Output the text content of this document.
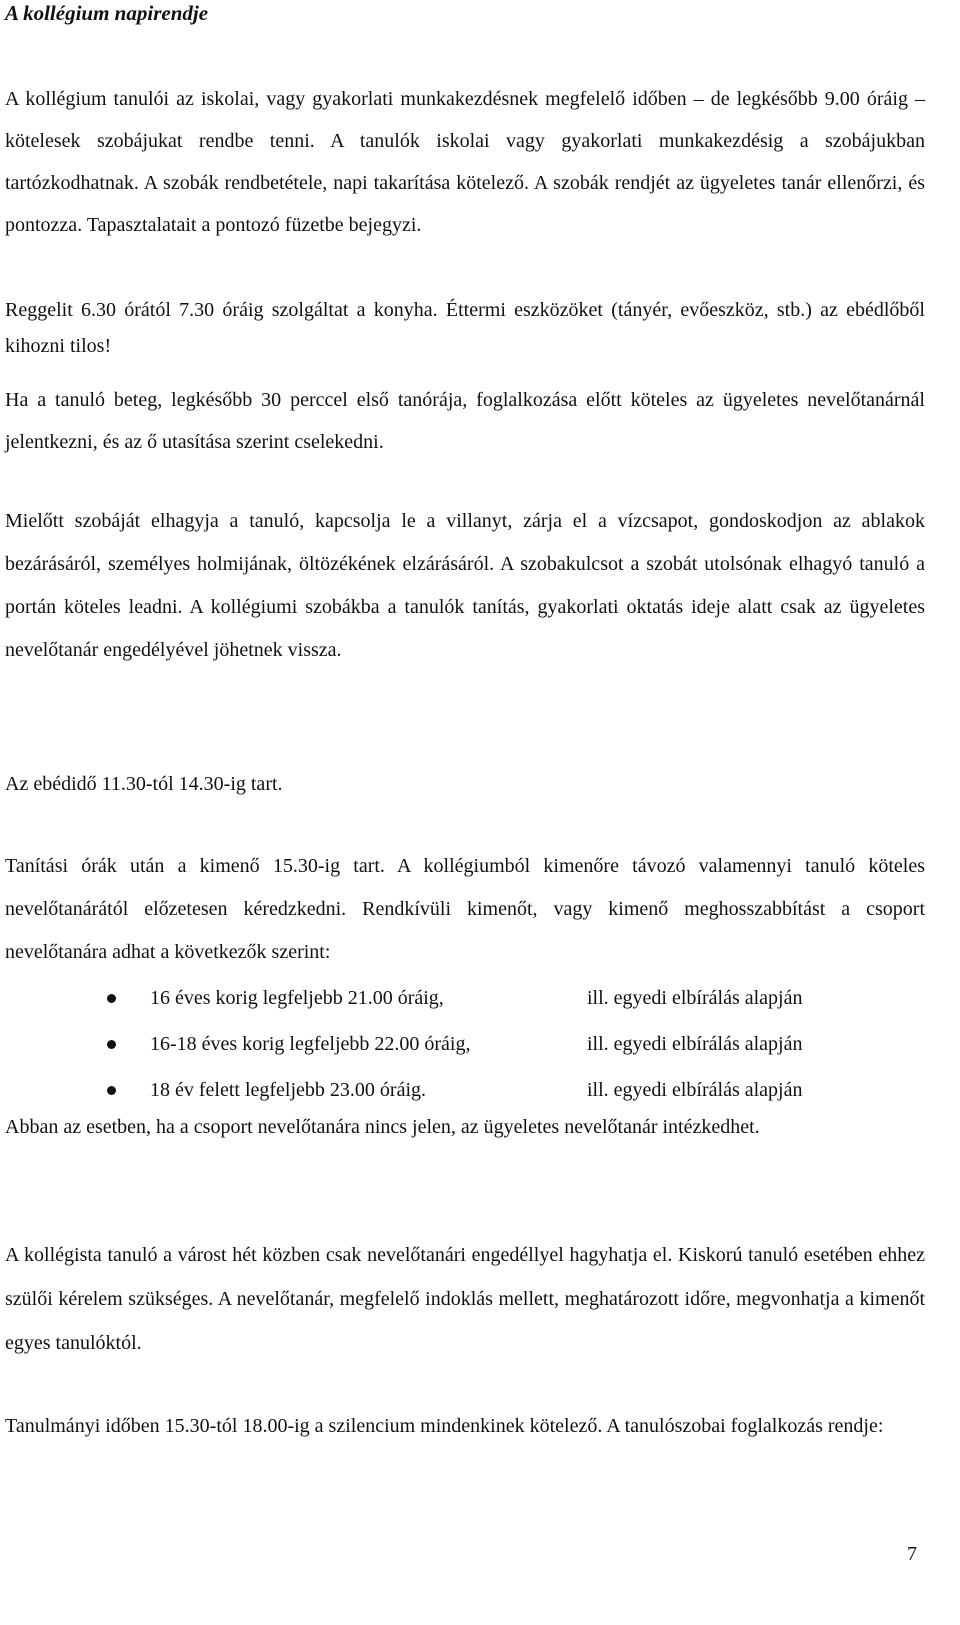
A kollégium napirendje

A kollégium tanulói az iskolai, vagy gyakorlati munkakezdésnek megfelelő időben – de legkésőbb 9.00 óráig – kötelesek szobájukat rendbe tenni. A tanulók iskolai vagy gyakorlati munkakezdésig a szobájukban tartózkodhatnak. A szobák rendbetétele, napi takarítása kötelező. A szobák rendjét az ügyeletes tanár ellenőrzi, és pontozza. Tapasztalatait a pontozó füzetbe bejegyzi.

Reggelit 6.30 órától 7.30 óráig szolgáltat a konyha. Éttermi eszközöket (tányér, evőeszköz, stb.) az ebédlőből kihozni tilos!

Ha a tanuló beteg, legkésőbb 30 perccel első tanórája, foglalkozása előtt köteles az ügyeletes nevelőtanárnál jelentkezni, és az ő utasítása szerint cselekedni.

Mielőtt szobáját elhagyja a tanuló, kapcsolja le a villanyt, zárja el a vízcsapot, gondoskodjon az ablakok bezárásáról, személyes holmijának, öltözékének elzárásáról. A szobakulcsot a szobát utolsónak elhagyó tanuló a portán köteles leadni. A kollégiumi szobákba a tanulók tanítás, gyakorlati oktatás ideje alatt csak az ügyeletes nevelőtanár engedélyével jöhetnek vissza.

Az ebédidő 11.30-tól 14.30-ig tart.

Tanítási órák után a kimenő 15.30-ig tart. A kollégiumból kimenőre távozó valamennyi tanuló köteles nevelőtanárától előzetesen kéredzkedni. Rendkívüli kimenőt, vagy kimenő meghosszabbítást a csoport nevelőtanára adhat a következők szerint:

16 éves korig legfeljebb 21.00 óráig,	ill. egyedi elbírálás alapján
16-18 éves korig legfeljebb 22.00 óráig,	ill. egyedi elbírálás alapján
18 év felett legfeljebb 23.00 óráig.	ill. egyedi elbírálás alapján

Abban az esetben, ha a csoport nevelőtanára nincs jelen, az ügyeletes nevelőtanár intézkedhet.

A kollégista tanuló a várost hét közben csak nevelőtanári engedéllyel hagyhatja el. Kiskorú tanuló esetében ehhez szülői kérelem szükséges. A nevelőtanár, megfelelő indoklás mellett, meghatározott időre, megvonhatja a kimenőt egyes tanulóktól.

Tanulmányi időben 15.30-tól 18.00-ig a szilencium mindenkinek kötelező. A tanulószobai foglalkozás rendje:

7
